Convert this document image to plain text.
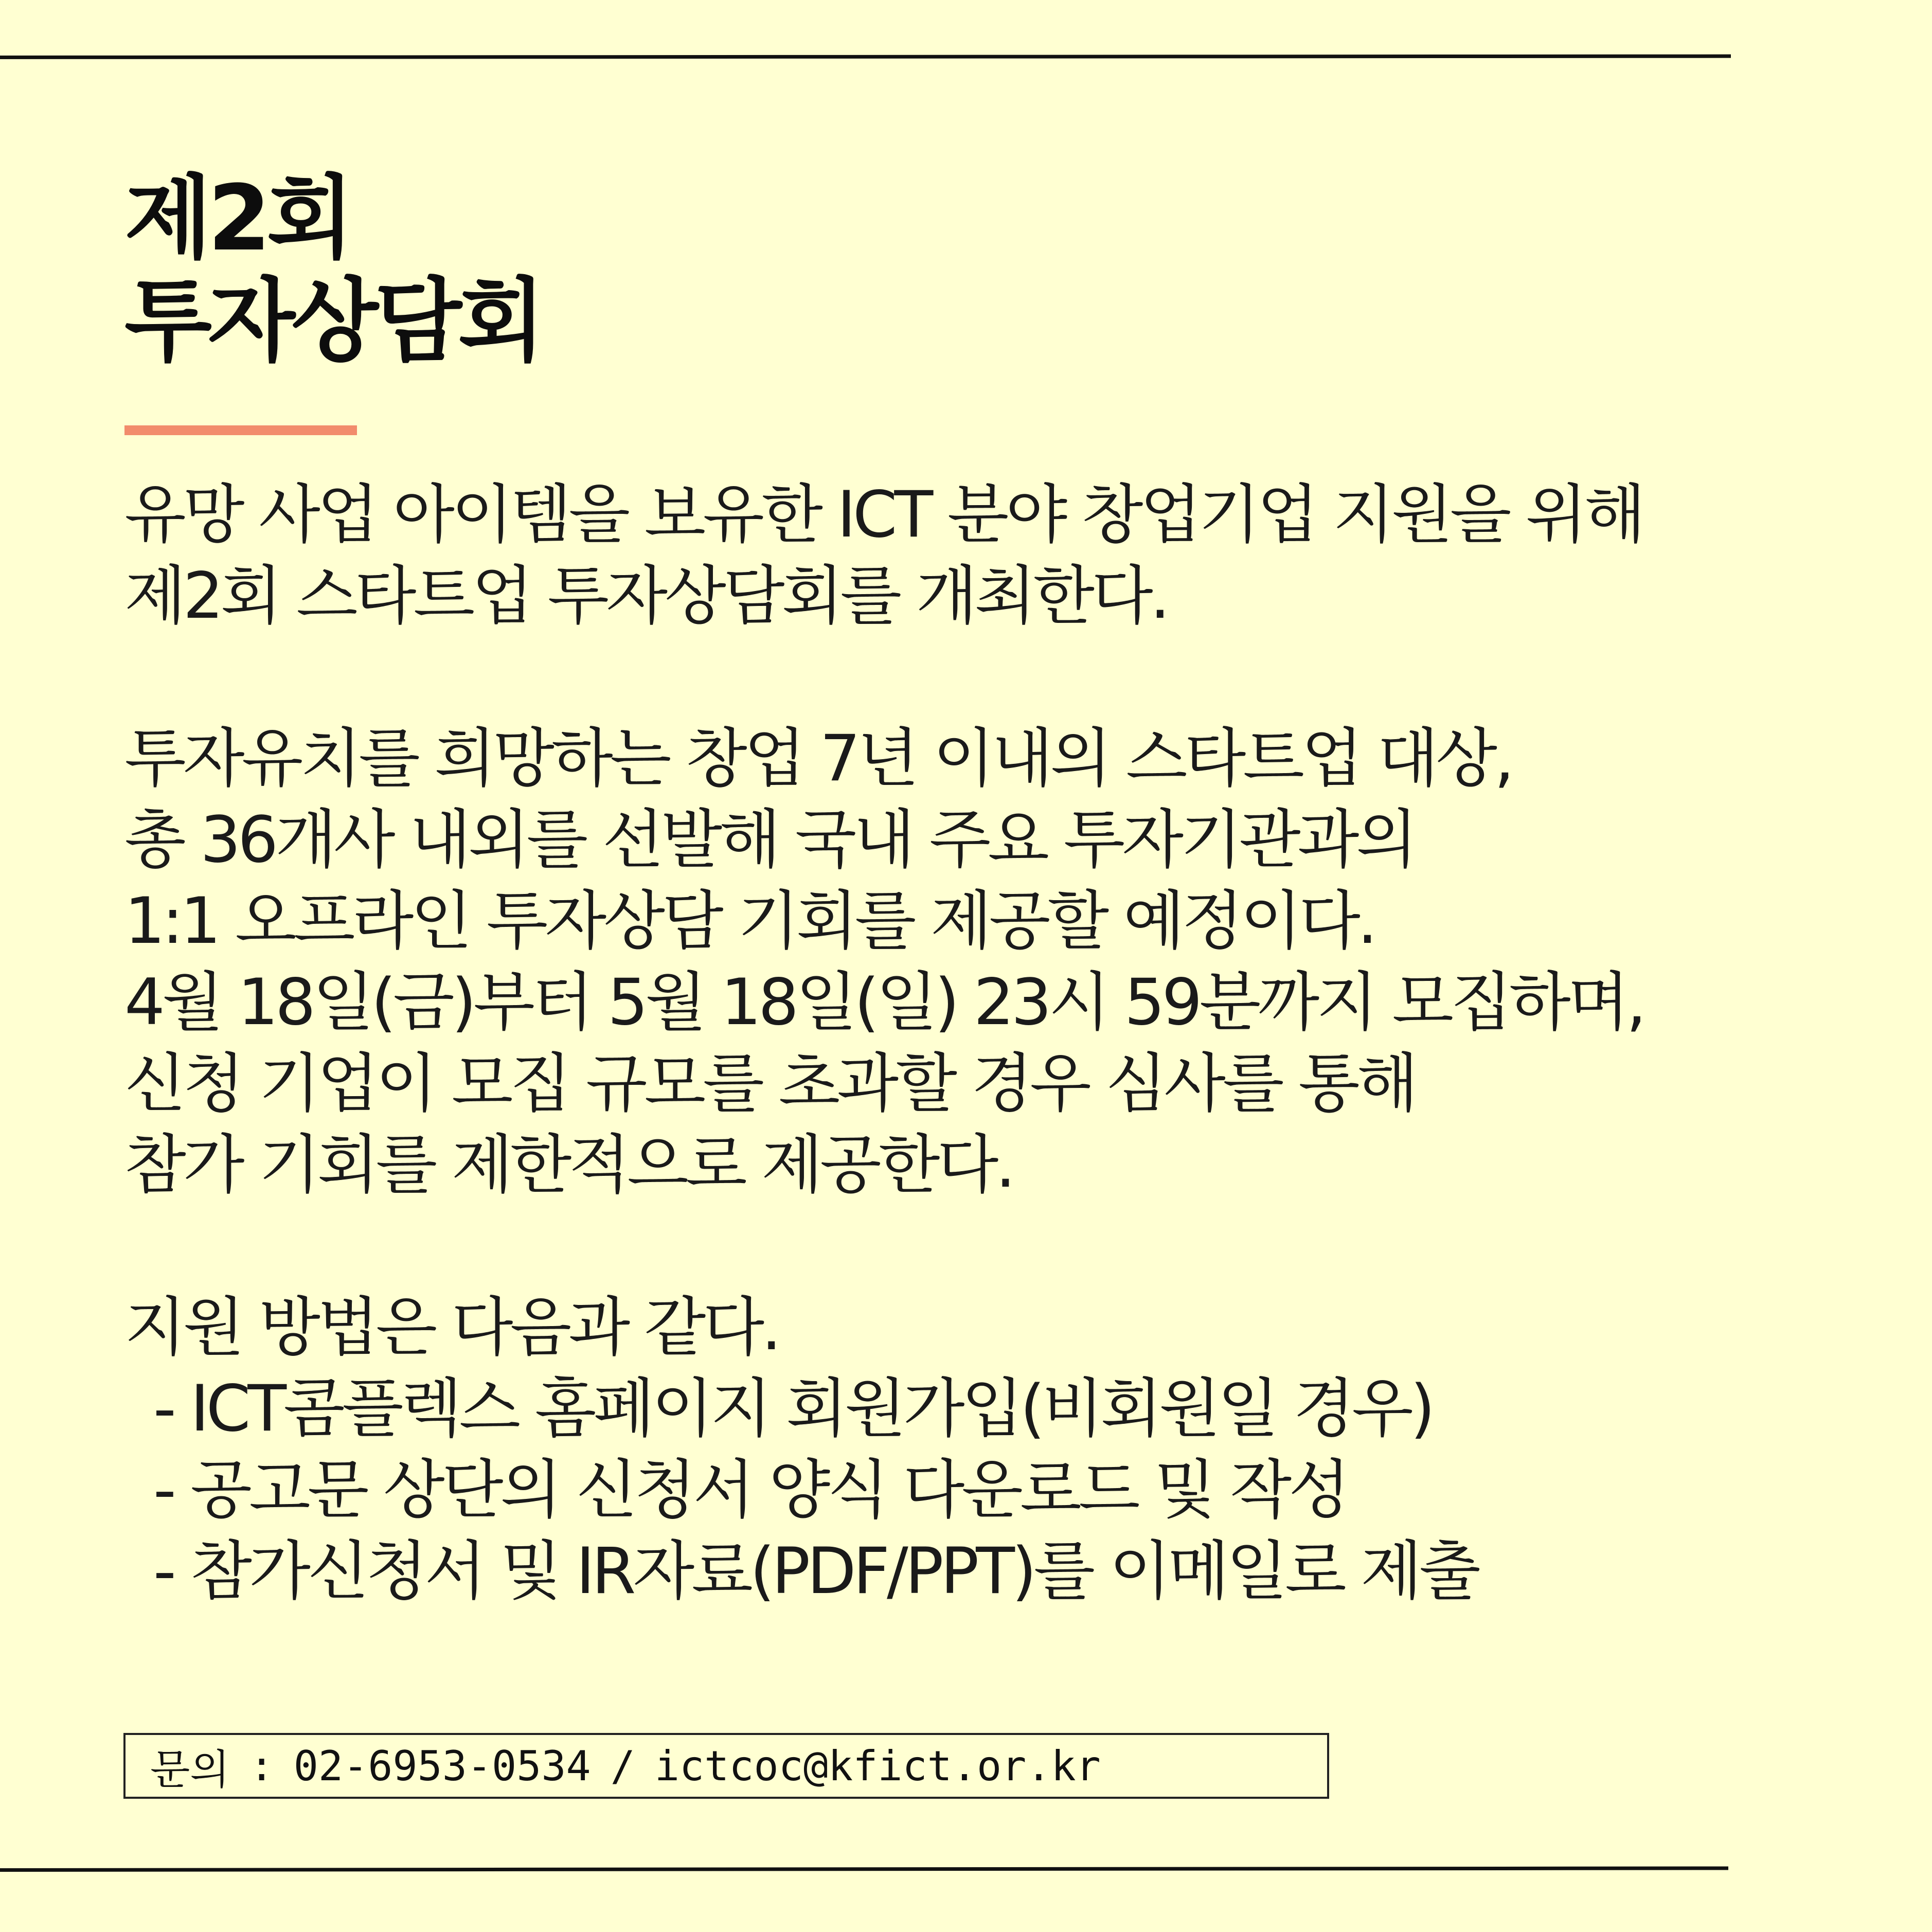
제2회
투자상담회
유망 사업 아이템을 보유한 ICT 분야 창업기업 지원을 위해
제2회 스타트업 투자상담회를 개최한다.
투자유치를 희망하는 창업 7년 이내의 스타트업 대상,
총 36개사 내외를 선발해 국내 주요 투자기관과의
1:1 오프라인 투자상담 기회를 제공할 예정이다.
4월 18일(금)부터 5월 18일(일) 23시 59분까지 모집하며,
신청 기업이 모집 규모를 초과할 경우 심사를 통해
참가 기회를 제한적으로 제공한다.
지원 방법은 다음과 같다.
- ICT콤플렉스 홈페이지 회원가입(비회원일 경우)
- 공고문 상단의 신청서 양식 다운로드 및 작성
- 참가신청서 및 IR자료(PDF/PPT)를 이메일로 제출
문의 : 02-6953-0534 / ictcoc@kfict.or.kr
